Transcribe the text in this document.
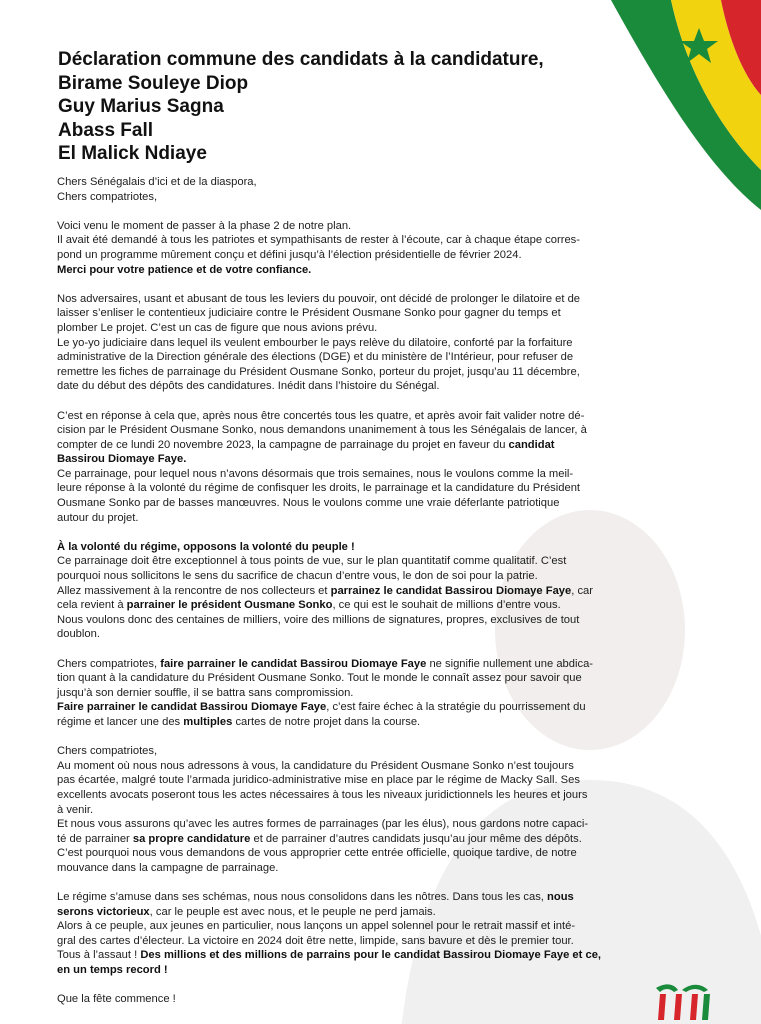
Déclaration commune des candidats à la candidature,
Birame Souleye Diop
Guy Marius Sagna
Abass Fall
El Malick Ndiaye

Chers Sénégalais d’ici et de la diaspora,
Chers compatriotes,

Voici venu le moment de passer à la phase 2 de notre plan.
Il avait été demandé à tous les patriotes et sympathisants de rester à l’écoute, car à chaque étape corres-
pond un programme mûrement conçu et défini jusqu’à l’élection présidentielle de février 2024.
Merci pour votre patience et de votre confiance.

Nos adversaires, usant et abusant de tous les leviers du pouvoir, ont décidé de prolonger le dilatoire et de
laisser s’enliser le contentieux judiciaire contre le Président Ousmane Sonko pour gagner du temps et
plomber Le projet. C’est un cas de figure que nous avions prévu.
Le yo-yo judiciaire dans lequel ils veulent embourber le pays relève du dilatoire, conforté par la forfaiture
administrative de la Direction générale des élections (DGE) et du ministère de l’Intérieur, pour refuser de
remettre les fiches de parrainage du Président Ousmane Sonko, porteur du projet, jusqu’au 11 décembre,
date du début des dépôts des candidatures. Inédit dans l’histoire du Sénégal.

C’est en réponse à cela que, après nous être concertés tous les quatre, et après avoir fait valider notre dé-
cision par le Président Ousmane Sonko, nous demandons unanimement à tous les Sénégalais de lancer, à
compter de ce lundi 20 novembre 2023, la campagne de parrainage du projet en faveur du candidat
Bassirou Diomaye Faye.
Ce parrainage, pour lequel nous n’avons désormais que trois semaines, nous le voulons comme la meil-
leure réponse à la volonté du régime de confisquer les droits, le parrainage et la candidature du Président
Ousmane Sonko par de basses manœuvres. Nous le voulons comme une vraie déferlante patriotique
autour du projet.

À la volonté du régime, opposons la volonté du peuple !
Ce parrainage doit être exceptionnel à tous points de vue, sur le plan quantitatif comme qualitatif. C’est
pourquoi nous sollicitons le sens du sacrifice de chacun d’entre vous, le don de soi pour la patrie.
Allez massivement à la rencontre de nos collecteurs et parrainez le candidat Bassirou Diomaye Faye, car
cela revient à parrainer le président Ousmane Sonko, ce qui est le souhait de millions d’entre vous.
Nous voulons donc des centaines de milliers, voire des millions de signatures, propres, exclusives de tout
doublon.

Chers compatriotes, faire parrainer le candidat Bassirou Diomaye Faye ne signifie nullement une abdica-
tion quant à la candidature du Président Ousmane Sonko. Tout le monde le connaît assez pour savoir que
jusqu’à son dernier souffle, il se battra sans compromission.
Faire parrainer le candidat Bassirou Diomaye Faye, c’est faire échec à la stratégie du pourrissement du
régime et lancer une des multiples cartes de notre projet dans la course.

Chers compatriotes,
Au moment où nous nous adressons à vous, la candidature du Président Ousmane Sonko n’est toujours
pas écartée, malgré toute l’armada juridico-administrative mise en place par le régime de Macky Sall. Ses
excellents avocats poseront tous les actes nécessaires à tous les niveaux juridictionnels les heures et jours
à venir.
Et nous vous assurons qu’avec les autres formes de parrainages (par les élus), nous gardons notre capaci-
té de parrainer sa propre candidature et de parrainer d’autres candidats jusqu’au jour même des dépôts.
C’est pourquoi nous vous demandons de vous approprier cette entrée officielle, quoique tardive, de notre
mouvance dans la campagne de parrainage.

Le régime s’amuse dans ses schémas, nous nous consolidons dans les nôtres. Dans tous les cas, nous
serons victorieux, car le peuple est avec nous, et le peuple ne perd jamais.
Alors à ce peuple, aux jeunes en particulier, nous lançons un appel solennel pour le retrait massif et inté-
gral des cartes d’électeur. La victoire en 2024 doit être nette, limpide, sans bavure et dès le premier tour.
Tous à l’assaut ! Des millions et des millions de parrains pour le candidat Bassirou Diomaye Faye et ce,
en un temps record !

Que la fête commence !
